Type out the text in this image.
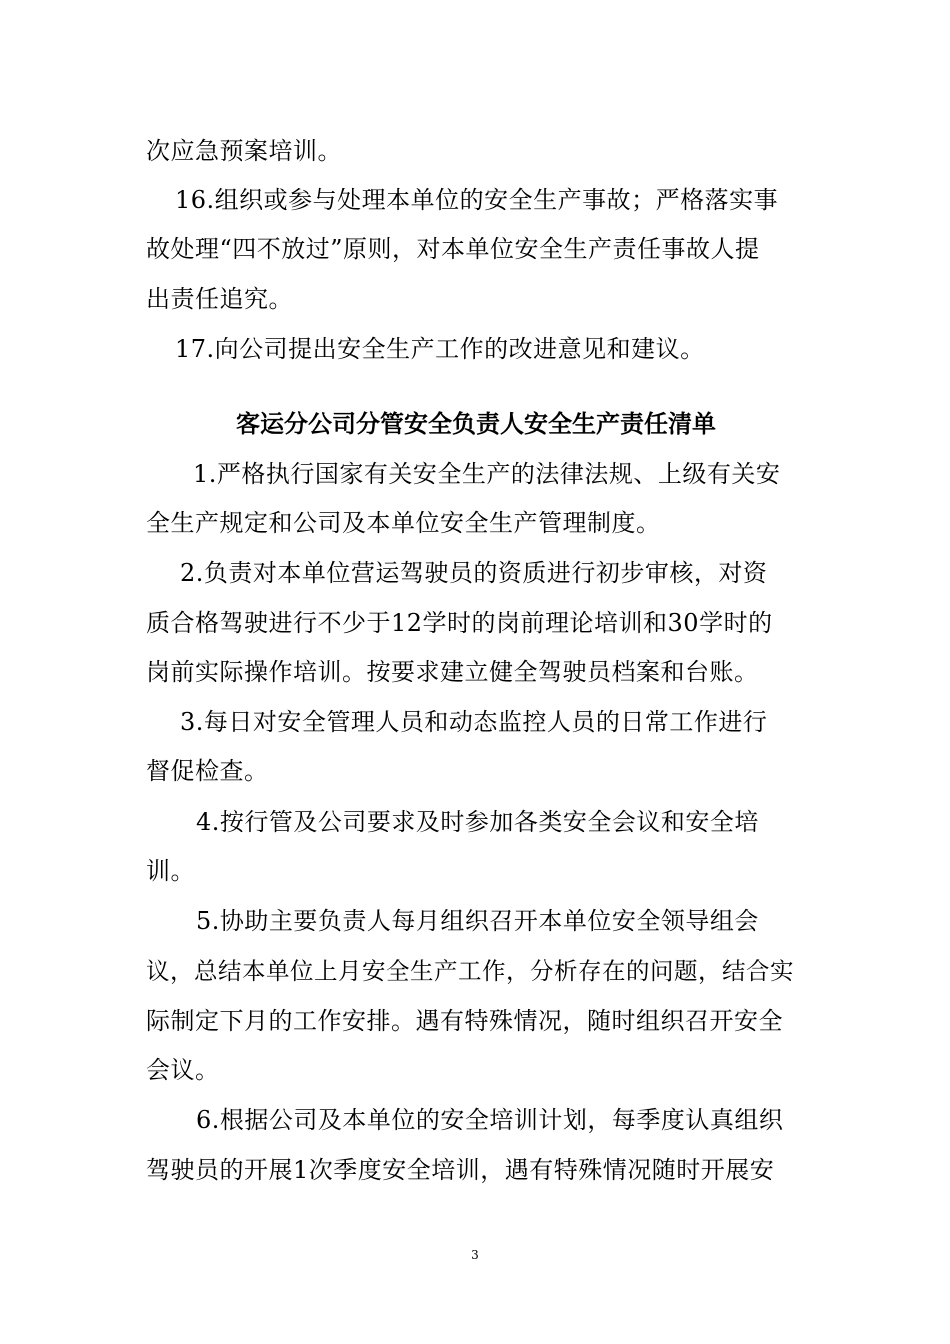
次应急预案培训。
16.组织或参与处理本单位的安全生产事故；严格落实事
故处理“四不放过”原则，对本单位安全生产责任事故人提
出责任追究。
17.向公司提出安全生产工作的改进意见和建议。
客运分公司分管安全负责人安全生产责任清单
1.严格执行国家有关安全生产的法律法规、上级有关安
全生产规定和公司及本单位安全生产管理制度。
2.负责对本单位营运驾驶员的资质进行初步审核，对资
质合格驾驶进行不少于12学时的岗前理论培训和30学时的
岗前实际操作培训。按要求建立健全驾驶员档案和台账。
3.每日对安全管理人员和动态监控人员的日常工作进行
督促检查。
4.按行管及公司要求及时参加各类安全会议和安全培
训。
5.协助主要负责人每月组织召开本单位安全领导组会
议，总结本单位上月安全生产工作，分析存在的问题，结合实
际制定下月的工作安排。遇有特殊情况，随时组织召开安全
会议。
6.根据公司及本单位的安全培训计划，每季度认真组织
驾驶员的开展1次季度安全培训，遇有特殊情况随时开展安
3
